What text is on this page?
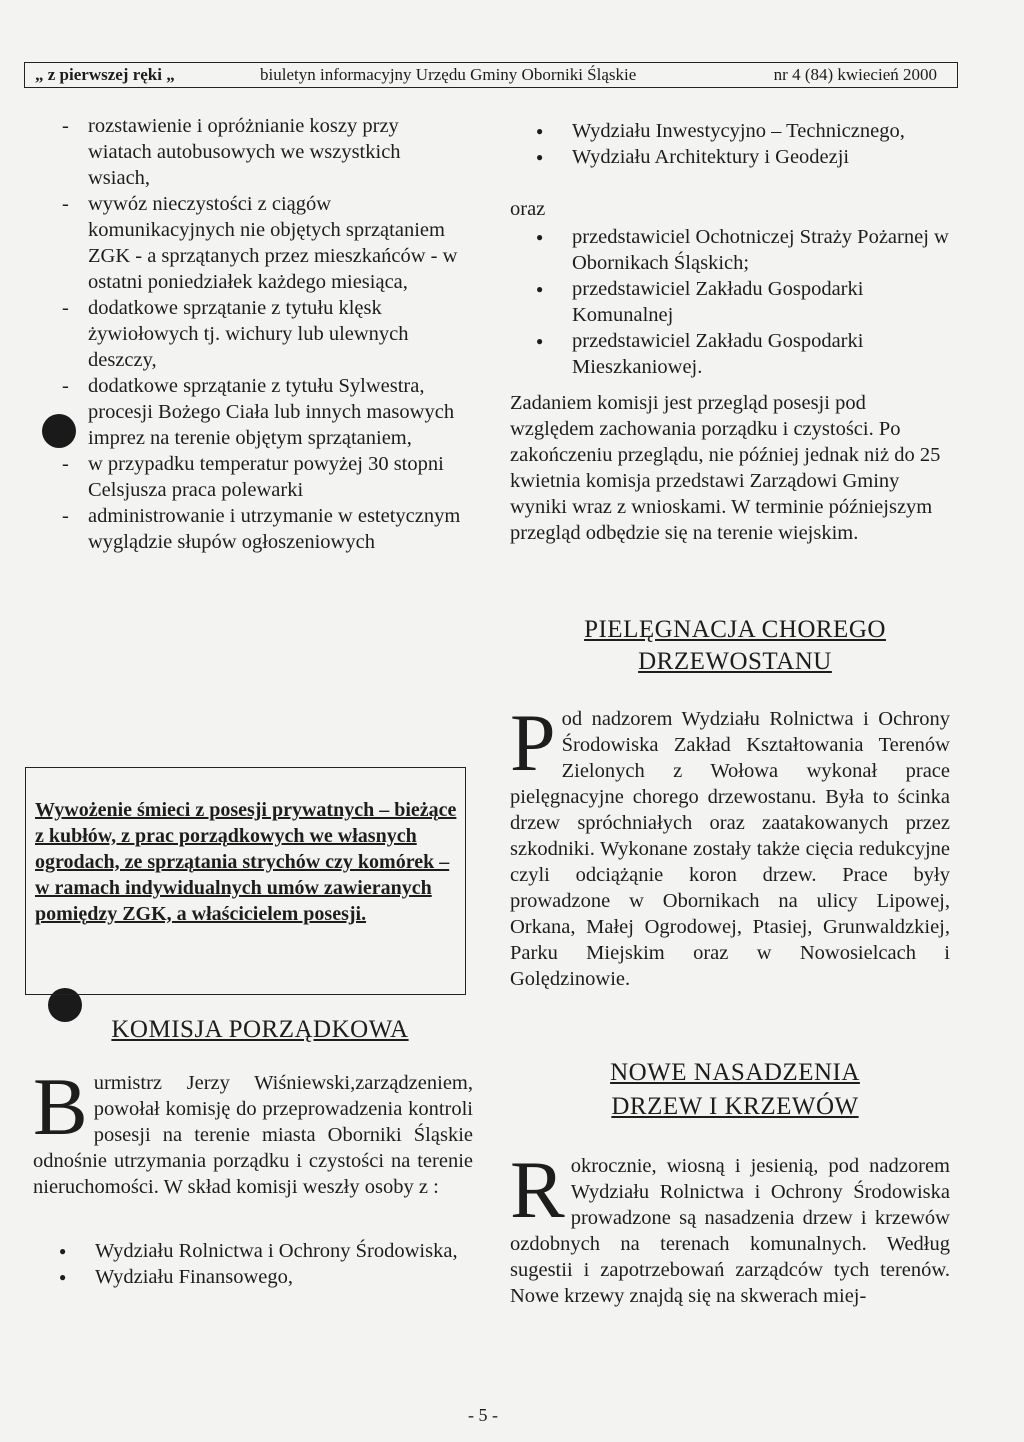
„ z pierwszej ręki „	biuletyn informacyjny Urzędu Gminy Oborniki Śląskie	nr 4 (84) kwiecień 2000
- rozstawienie i opróżnianie koszy przy wiatach autobusowych we wszystkich wsiach,
- wywóz nieczystości z ciągów komunikacyjnych nie objętych sprzątaniem ZGK - a sprzątanych przez mieszkańców - w ostatni poniedziałek każdego miesiąca,
- dodatkowe sprzątanie z tytułu klęsk żywiołowych tj. wichury lub ulewnych deszczy,
- dodatkowe sprzątanie z tytułu Sylwestra, procesji Bożego Ciała lub innych masowych imprez na terenie objętym sprzątaniem,
- w przypadku temperatur powyżej 30 stopni Celsjusza praca polewarki
- administrowanie i utrzymanie w estetycznym wyglądzie słupów ogłoszeniowych
Wywożenie śmieci z posesji prywatnych – bieżące z kubłów, z prac porządkowych we własnych ogrodach, ze sprzątania strychów czy komórek – w ramach indywidualnych umów zawieranych pomiędzy ZGK, a właścicielem posesji.
KOMISJA PORZĄDKOWA
B urmistrz Jerzy Wiśniewski,zarządzeniem, powołał komisję do przeprowadzenia kontroli posesji na terenie miasta Oborniki Śląskie odnośnie utrzymania porządku i czystości na terenie nieruchomości. W skład komisji weszły osoby z :
● Wydziału Rolnictwa i Ochrony Środowiska,
● Wydziału Finansowego,
● Wydziału Inwestycyjno – Technicznego,
● Wydziału Architektury i Geodezji
oraz
● przedstawiciel Ochotniczej Straży Pożarnej w Obornikach Śląskich;
● przedstawiciel Zakładu Gospodarki Komunalnej
● przedstawiciel Zakładu Gospodarki Mieszkaniowej.
Zadaniem komisji jest przegląd posesji pod względem zachowania porządku i czystości. Po zakończeniu przeglądu, nie później jednak niż do 25 kwietnia komisja przedstawi Zarządowi Gminy wyniki wraz z wnioskami. W terminie późniejszym przegląd odbędzie się na terenie wiejskim.
PIELĘGNACJA CHOREGO
DRZEWOSTANU
P od nadzorem Wydziału Rolnictwa i Ochrony Środowiska Zakład Kształtowania Terenów Zielonych z Wołowa wykonał prace pielęgnacyjne chorego drzewostanu. Była to ścinka drzew spróchniałych oraz zaatakowanych przez szkodniki. Wykonane zostały także cięcia redukcyjne czyli odciążąnie koron drzew. Prace były prowadzone w Obornikach na ulicy Lipowej, Orkana, Małej Ogrodowej, Ptasiej, Grunwaldzkiej, Parku Miejskim oraz w Nowosielcach i Golędzinowie.
NOWE NASADZENIA
DRZEW I KRZEWÓW
R okrocznie, wiosną i jesienią, pod nadzorem Wydziału Rolnictwa i Ochrony Środowiska prowadzone są nasadzenia drzew i krzewów ozdobnych na terenach komunalnych. Według sugestii i zapotrzebowań zarządców tych terenów. Nowe krzewy znajdą się na skwerach miej-
- 5 -
